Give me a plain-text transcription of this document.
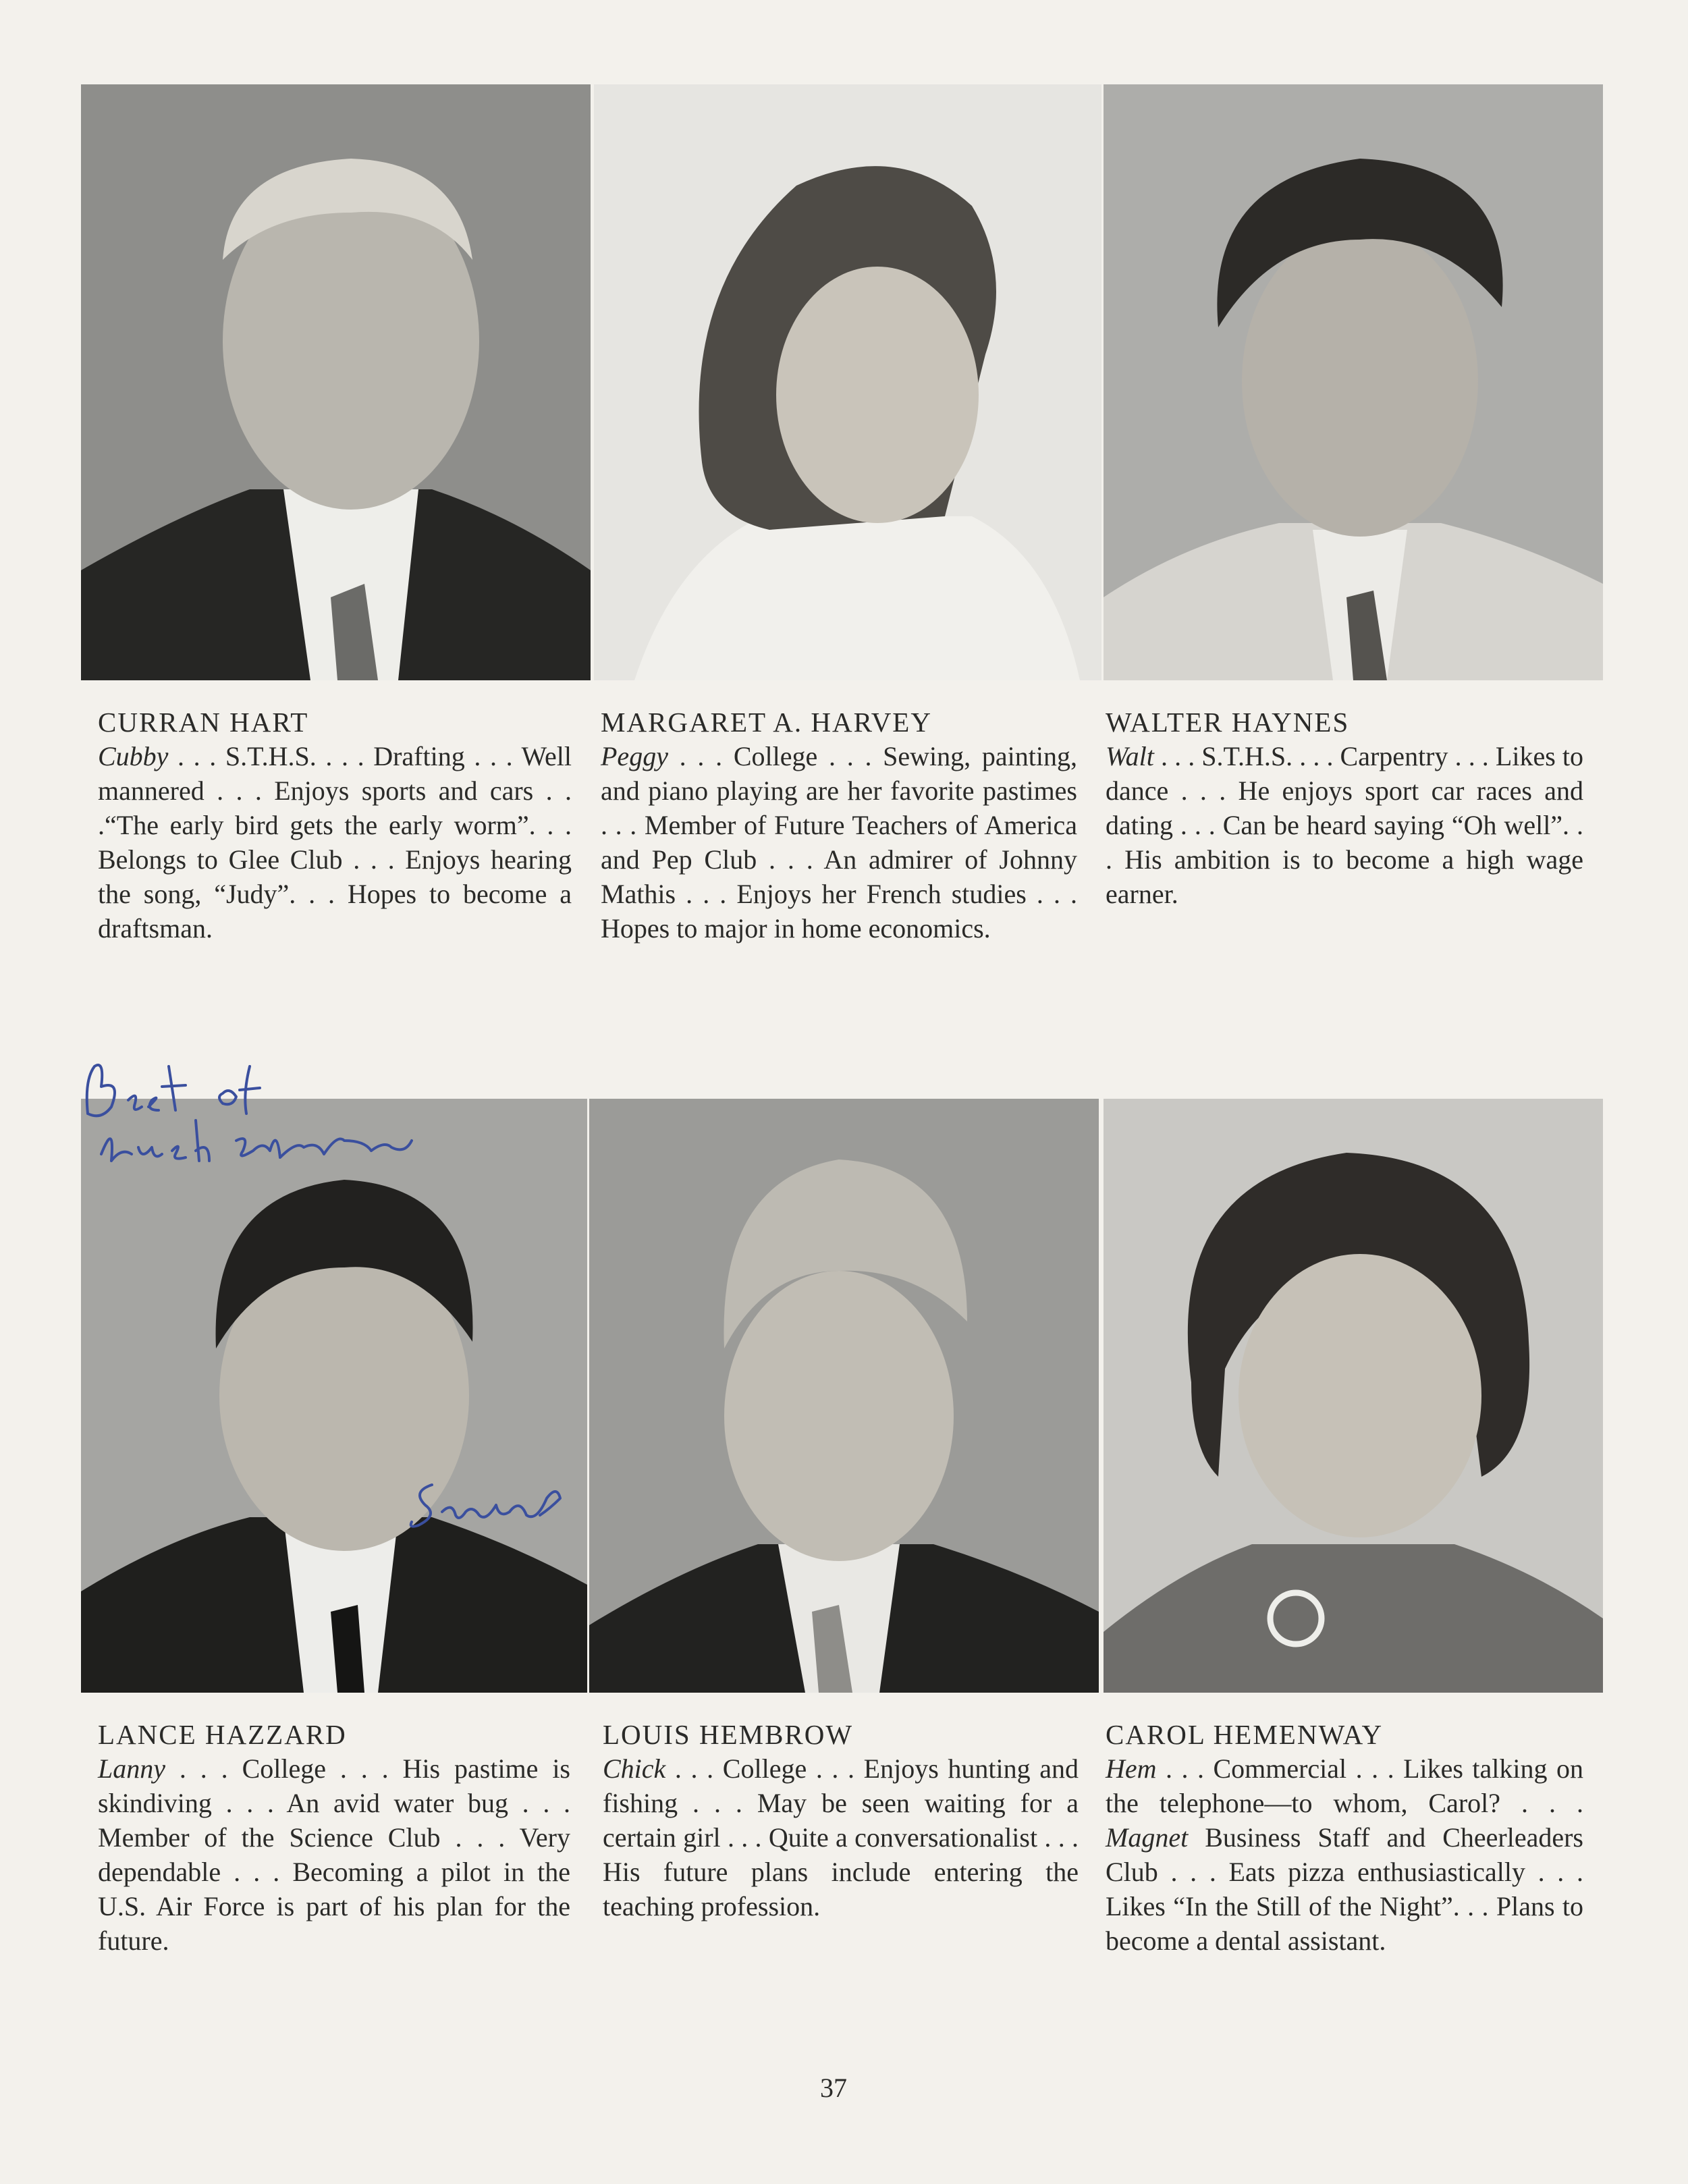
CURRAN HART
Cubby . . . S.T.H.S. . . . Drafting . . . Well mannered . . . Enjoys sports and cars . . .“The early bird gets the early worm”. . . Belongs to Glee Club . . . Enjoys hearing the song, “Judy”. . . Hopes to become a draftsman.
MARGARET A. HARVEY
Peggy . . . College . . . Sewing, painting, and piano playing are her favorite pastimes . . . Member of Future Teachers of America and Pep Club . . . An admirer of Johnny Mathis . . . Enjoys her French studies . . . Hopes to major in home economics.
WALTER HAYNES
Walt . . . S.T.H.S. . . . Carpentry . . . Likes to dance . . . He enjoys sport car races and dating . . . Can be heard saying “Oh well”. . . His ambition is to become a high wage earner.
LANCE HAZZARD
Lanny . . . College . . . His pastime is skindiving . . . An avid water bug . . . Member of the Science Club . . . Very dependable . . . Becoming a pilot in the U.S. Air Force is part of his plan for the future.
LOUIS HEMBROW
Chick . . . College . . . Enjoys hunting and fishing . . . May be seen waiting for a certain girl . . . Quite a conversationalist . . . His future plans include entering the teaching profession.
CAROL HEMENWAY
Hem . . . Commercial . . . Likes talking on the telephone—to whom, Carol? . . . Magnet Business Staff and Cheerleaders Club . . . Eats pizza enthusiastically . . . Likes “In the Still of the Night”. . . Plans to become a dental assistant.
37
